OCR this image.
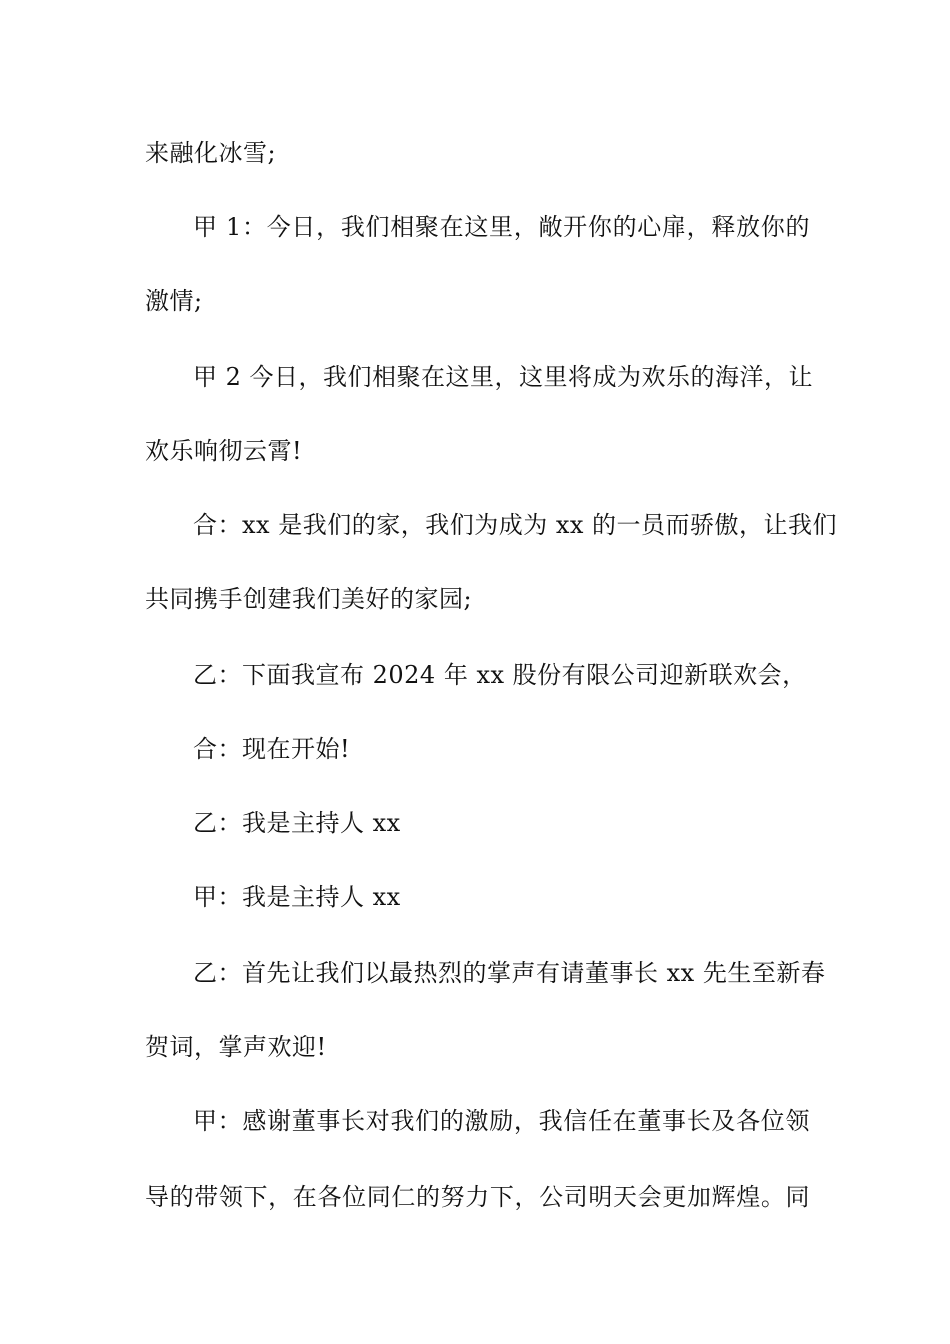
来融化冰雪;
甲 1：今日，我们相聚在这里，敞开你的心扉，释放你的
激情;
甲 2 今日，我们相聚在这里，这里将成为欢乐的海洋，让
欢乐响彻云霄!
合：xx 是我们的家，我们为成为 xx 的一员而骄傲，让我们
共同携手创建我们美好的家园;
乙：下面我宣布 2024 年 xx 股份有限公司迎新联欢会，
合：现在开始!
乙：我是主持人 xx
甲：我是主持人 xx
乙：首先让我们以最热烈的掌声有请董事长 xx 先生至新春
贺词，掌声欢迎!
甲：感谢董事长对我们的激励，我信任在董事长及各位领
导的带领下，在各位同仁的努力下，公司明天会更加辉煌。同
